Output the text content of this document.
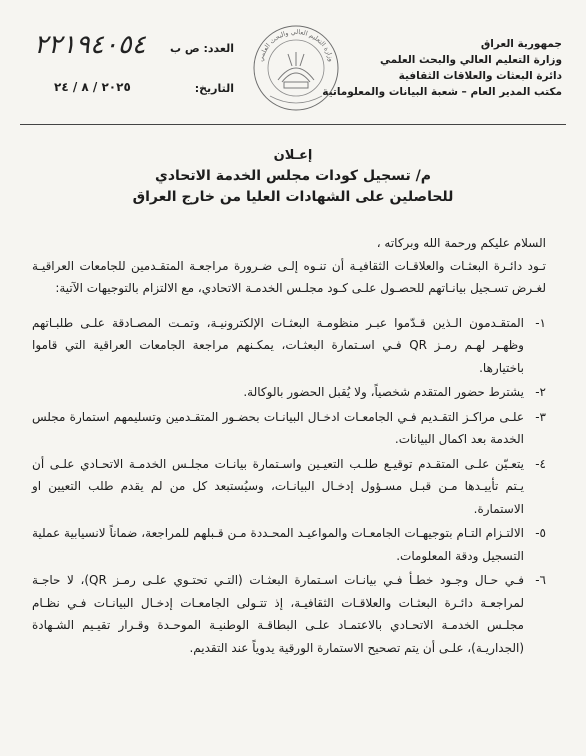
جمهورية العراق
وزارة التعليم العالي والبحث العلمي
دائرة البعثات والعلاقات الثقافية
مكتب المدير العام – شعبة البيانات والمعلوماتية
وزارة التعليم العالي والبحث العلمي
العدد: ص ب
٢٢١٩٤٠٥٤
التاريخ:
٢٠٢٥ / ٨ / ٢٤
إعـلان
م/ تسجيل كودات مجلس الخدمة الاتحادي
للحاصلين على الشهادات العليا من خارج العراق

السلام عليكم ورحمة الله وبركاته ،

تـود دائـرة البعثـات والعلاقـات الثقافيـة أن تنـوه إلـى ضـرورة مراجعـة المتقـدمين للجامعات العراقيـة لغـرض تسـجيل بيانـاتهم للحصـول علـى كـود مجلـس الخدمـة الاتحادي، مع الالتزام بالتوجيهات الآتية:

١-
المتقـدمون الـذين قـدّموا عبـر منظومـة البعثـات الإلكترونيـة، وتمـت المصـادقة علـى طلبـاتهم وظهـر لهـم رمـز QR فـي اسـتمارة البعثـات، يمكـنهم مراجعة الجامعات العراقية التي قاموا باختيارها.
٢-
يشترط حضور المتقدم شخصياً، ولا يُقبل الحضور بالوكالة.
٣-
علـى مراكـز التقـديم فـي الجامعـات ادخـال البيانـات بحضـور المتقـدمين وتسليمهم استمارة مجلس الخدمة بعد اكمال البيانات.
٤-
يتعـيّن علـى المتقـدم توقيـع طلـب التعيـين واسـتمارة بيانـات مجلـس الخدمـة الاتحـادي علـى أن يـتم تأييـدها مـن قبـل مسـؤول إدخـال البيانـات، وسيُستبعد كل من لم يقدم طلب التعيين او الاستمارة.
٥-
الالتـزام التـام بتوجيهـات الجامعـات والمواعيـد المحـددة مـن قـبلهم للمراجعة، ضماناً لانسيابية عملية التسجيل ودقة المعلومات.
٦-
فـي حـال وجـود خطـأ فـي بيانـات اسـتمارة البعثـات (التـي تحتـوي علـى رمـز QR)، لا حاجـة لمراجعـة دائـرة البعثـات والعلاقـات الثقافيـة، إذ تتـولى الجامعـات إدخـال البيانـات فـي نظـام مجلـس الخدمـة الاتحـادي بالاعتمـاد علـى البطاقـة الوطنيـة الموحـدة وقـرار تقيـيم الشـهادة (الجداريـة)، علـى أن يتم تصحيح الاستمارة الورقية يدوياً عند التقديم.
